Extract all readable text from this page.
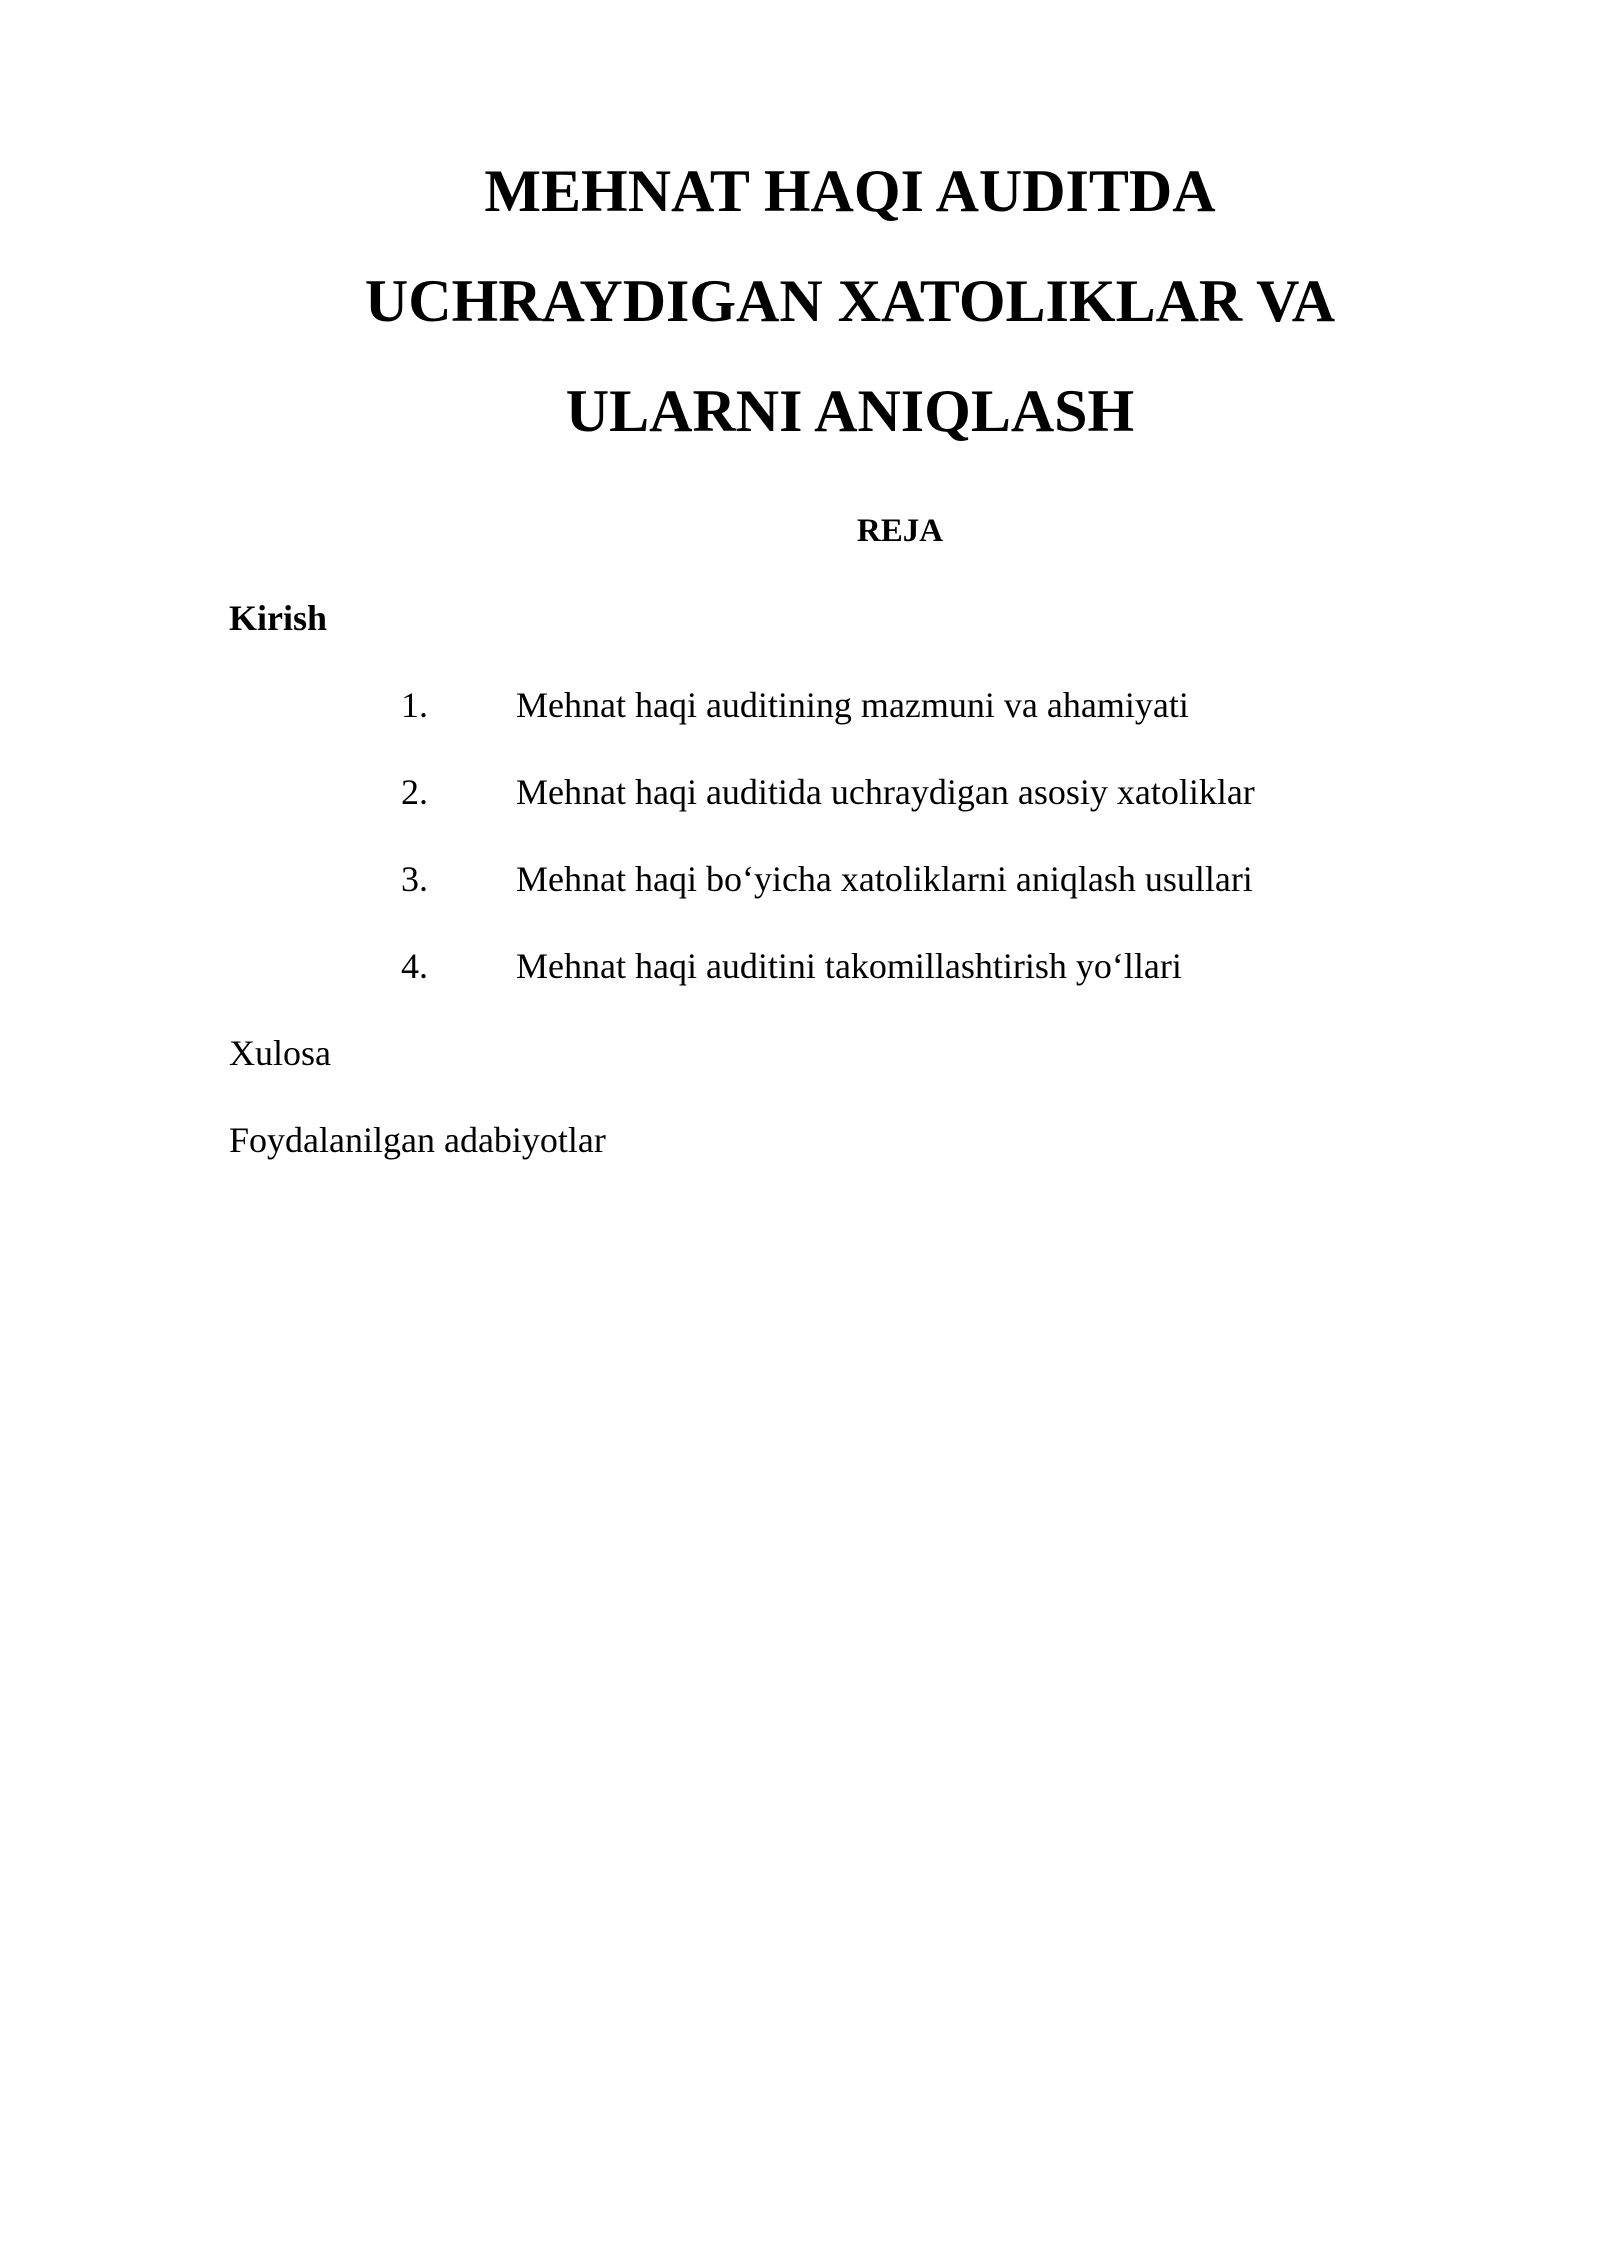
MEHNAT HAQI AUDITDA
UCHRAYDIGAN XATOLIKLAR VA
ULARNI ANIQLASH

REJA

Kirish

1. Mehnat haqi auditining mazmuni va ahamiyati
2. Mehnat haqi auditida uchraydigan asosiy xatoliklar
3. Mehnat haqi bo‘yicha xatoliklarni aniqlash usullari
4. Mehnat haqi auditini takomillashtirish yo‘llari

Xulosa

Foydalanilgan adabiyotlar
